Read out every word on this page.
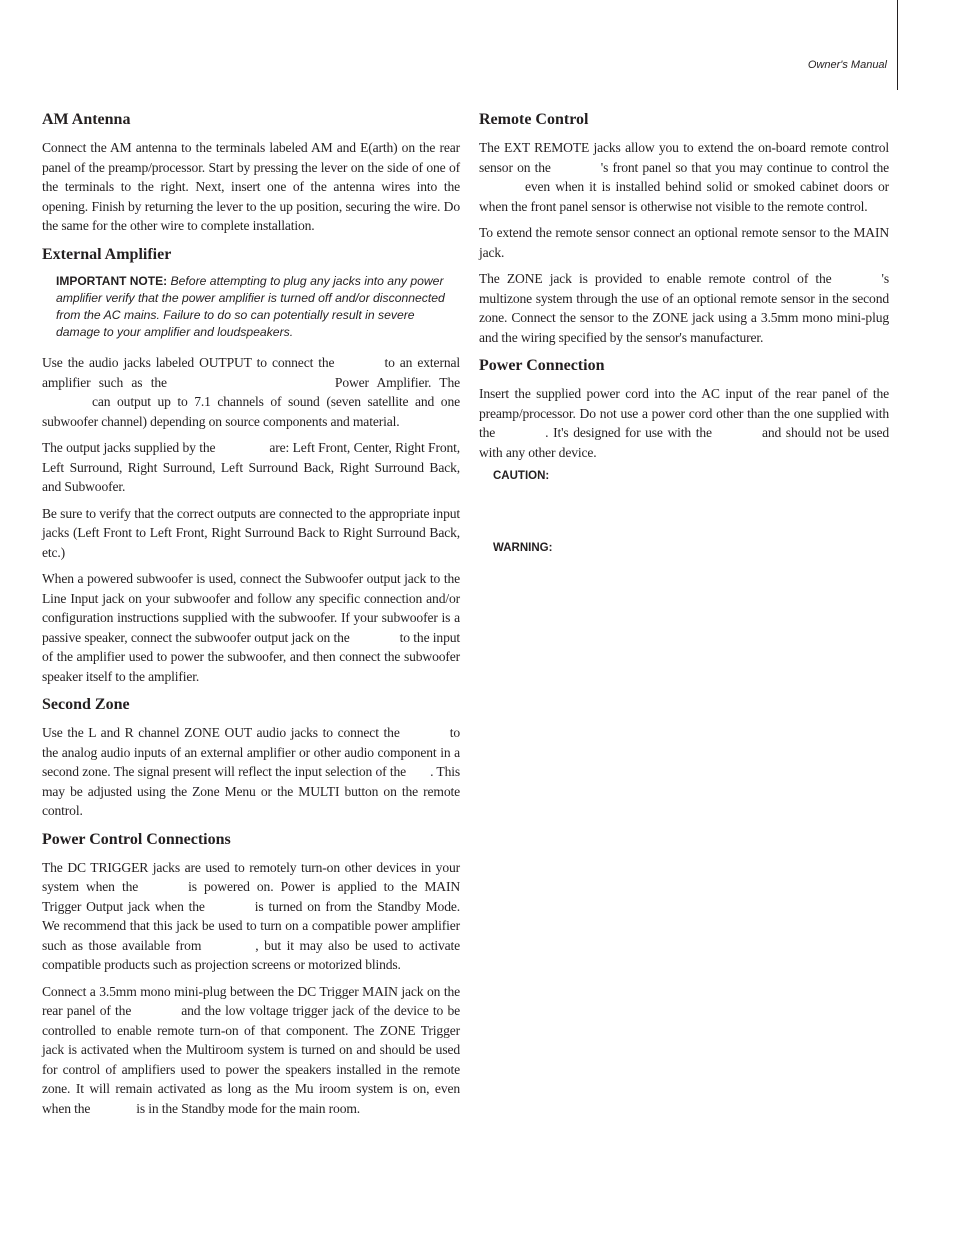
Owner's Manual
AM Antenna

Connect the AM antenna to the terminals labeled AM and E(arth) on the rear panel of the preamp/processor. Start by pressing the lever on the side of one of the terminals to the right. Next, insert one of the antenna wires into the opening. Finish by returning the lever to the up position, securing the wire. Do the same for the other wire to complete installation.

External Amplifier
IMPORTANT NOTE: Before attempting to plug any jacks into any power amplifier verify that the power amplifier is turned off and/or disconnected from the AC mains. Failure to do so can potentially result in severe damage to your amplifier and loudspeakers.

Use the audio jacks labeled OUTPUT to connect the	to an external amplifier such as the	Power Amplifier. Thecan output up to 7.1 channels of sound (seven satellite and one subwoofer channel) depending on source components and material.

The output jacks supplied by the	are: Left Front, Center, Right Front, Left Surround, Right Surround, Left Surround Back, Right Surround Back, and Subwoofer.

Be sure to verify that the correct outputs are connected to the appropriate input jacks (Left Front to Left Front, Right Surround Back to Right Surround Back, etc.)

When a powered subwoofer is used, connect the Subwoofer output jack to the Line Input jack on your subwoofer and follow any specific connection and/or configuration instructions supplied with the subwoofer. If your subwoofer is a passive speaker, connect the subwoofer output jack on the	to the input of the amplifier used to power the subwoofer, and then connect the subwoofer speaker itself to the amplifier.

Second Zone

Use the L and R channel ZONE OUT audio jacks to connect the	to the analog audio inputs of an external amplifier or other audio component in a second zone. The signal present will reflect the input selection of the . This may be adjusted using the Zone Menu or the MULTI button on the remote control.

Power Control Connections

The DC TRIGGER jacks are used to remotely turn-on other devices in your system when the	is powered on. Power is applied to the MAIN Trigger Output jack when the	is turned on from the Standby Mode. We recommend that this jack be used to turn on a compatible power amplifier such as those available from	, but it may also be used to activate compatible products such as projection screens or motorized blinds.

Connect a 3.5mm mono mini-plug between the DC Trigger MAIN jack on the rear panel of the	and the low voltage trigger jack of the device to be controlled to enable remote turn-on of that component. The ZONE Trigger jack is activated when the Multiroom system is turned on and should be used for control of amplifiers used to power the speakers installed in the remote zone. It will remain activated as long as the Mu iroom system is on, even when the	is in the Standby mode for the main room.

Remote Control

The EXT REMOTE jacks allow you to extend the on-board remote control sensor on the	's front panel so that you may continue to control theeven when it is installed behind solid or smoked cabinet doors or when the front panel sensor is otherwise not visible to the remote control.

To extend the remote sensor connect an optional remote sensor to the MAIN jack.

The ZONE jack is provided to enable remote control of the	's multizone system through the use of an optional remote sensor in the second zone. Connect the sensor to the ZONE jack using a 3.5mm mono mini-plug and the wiring specified by the sensor's manufacturer.

Power Connection

Insert the supplied power cord into the AC input of the rear panel of the preamp/processor. Do not use a power cord other than the one supplied with the	. It's designed for use with the	and should not be used with any other device.

CAUTION:
WARNING:
